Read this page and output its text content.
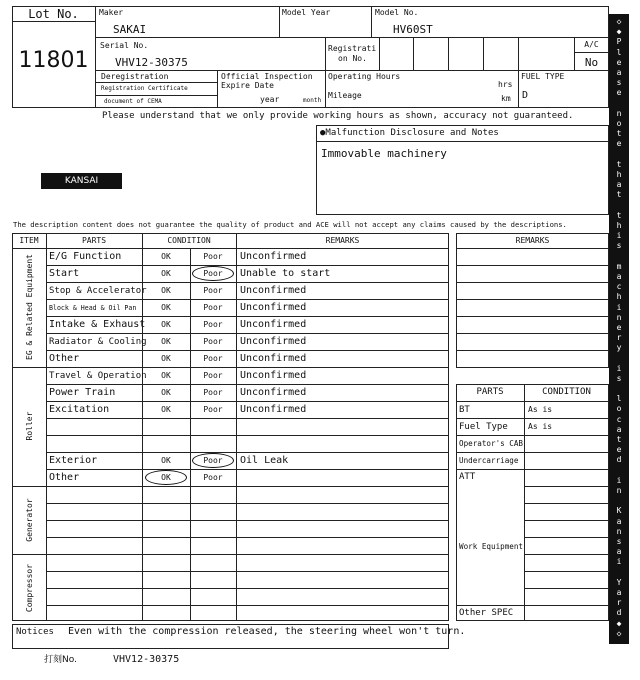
Lot No.
11801
Maker
SAKAI
Model Year	Model No.
HV60ST
Serial No.
VHV12-30375
Registrati
on No.
A/C
No
Deregistration
Registration Certificate
document of CEMA
Official Inspection
Expire Date
year	month
Operating Hours
hrs
Mileage	km
FUEL TYPE
D
Please understand that we only provide working hours as shown, accuracy not guaranteed.
●Malfunction Disclosure and Notes
Immovable machinery
KANSAI
The description content does not guarantee the quality of product and ACE will not accept any claims caused by the descriptions.
ITEM	PARTS	CONDITION	REMARKS
EG & Related Equipment
Roller
Generator
Compressor
E/G Function	OK	Poor	Unconfirmed
Start	OK	Poor	Unable to start
Stop & Accelerator	OK	Poor	Unconfirmed
Block & Head & Oil Pan	OK	Poor	Unconfirmed
Intake & Exhaust	OK	Poor	Unconfirmed
Radiator & Cooling	OK	Poor	Unconfirmed
Other	OK	Poor	Unconfirmed
Travel & Operation	OK	Poor	Unconfirmed
Power Train	OK	Poor	Unconfirmed
Excitation	OK	Poor	Unconfirmed
Exterior	OK	Poor	Oil Leak
Other	OK	Poor
REMARKS
PARTS	CONDITION
BT	As is
Fuel Type	As is
Operator's CAB
Undercarriage
ATT
Work Equipment
Other SPEC
Notices Even with the compression released, the steering wheel won't turn.
打刻No.	VHV12-30375
◇
◆
P
l
e
a
s
e
n
o
t
e
t
h
a
t
t
h
i
s
m
a
c
h
i
n
e
r
y
i
s
l
o
c
a
t
e
d
i
n
K
a
n
s
a
i
Y
a
r
d
◆
◇
